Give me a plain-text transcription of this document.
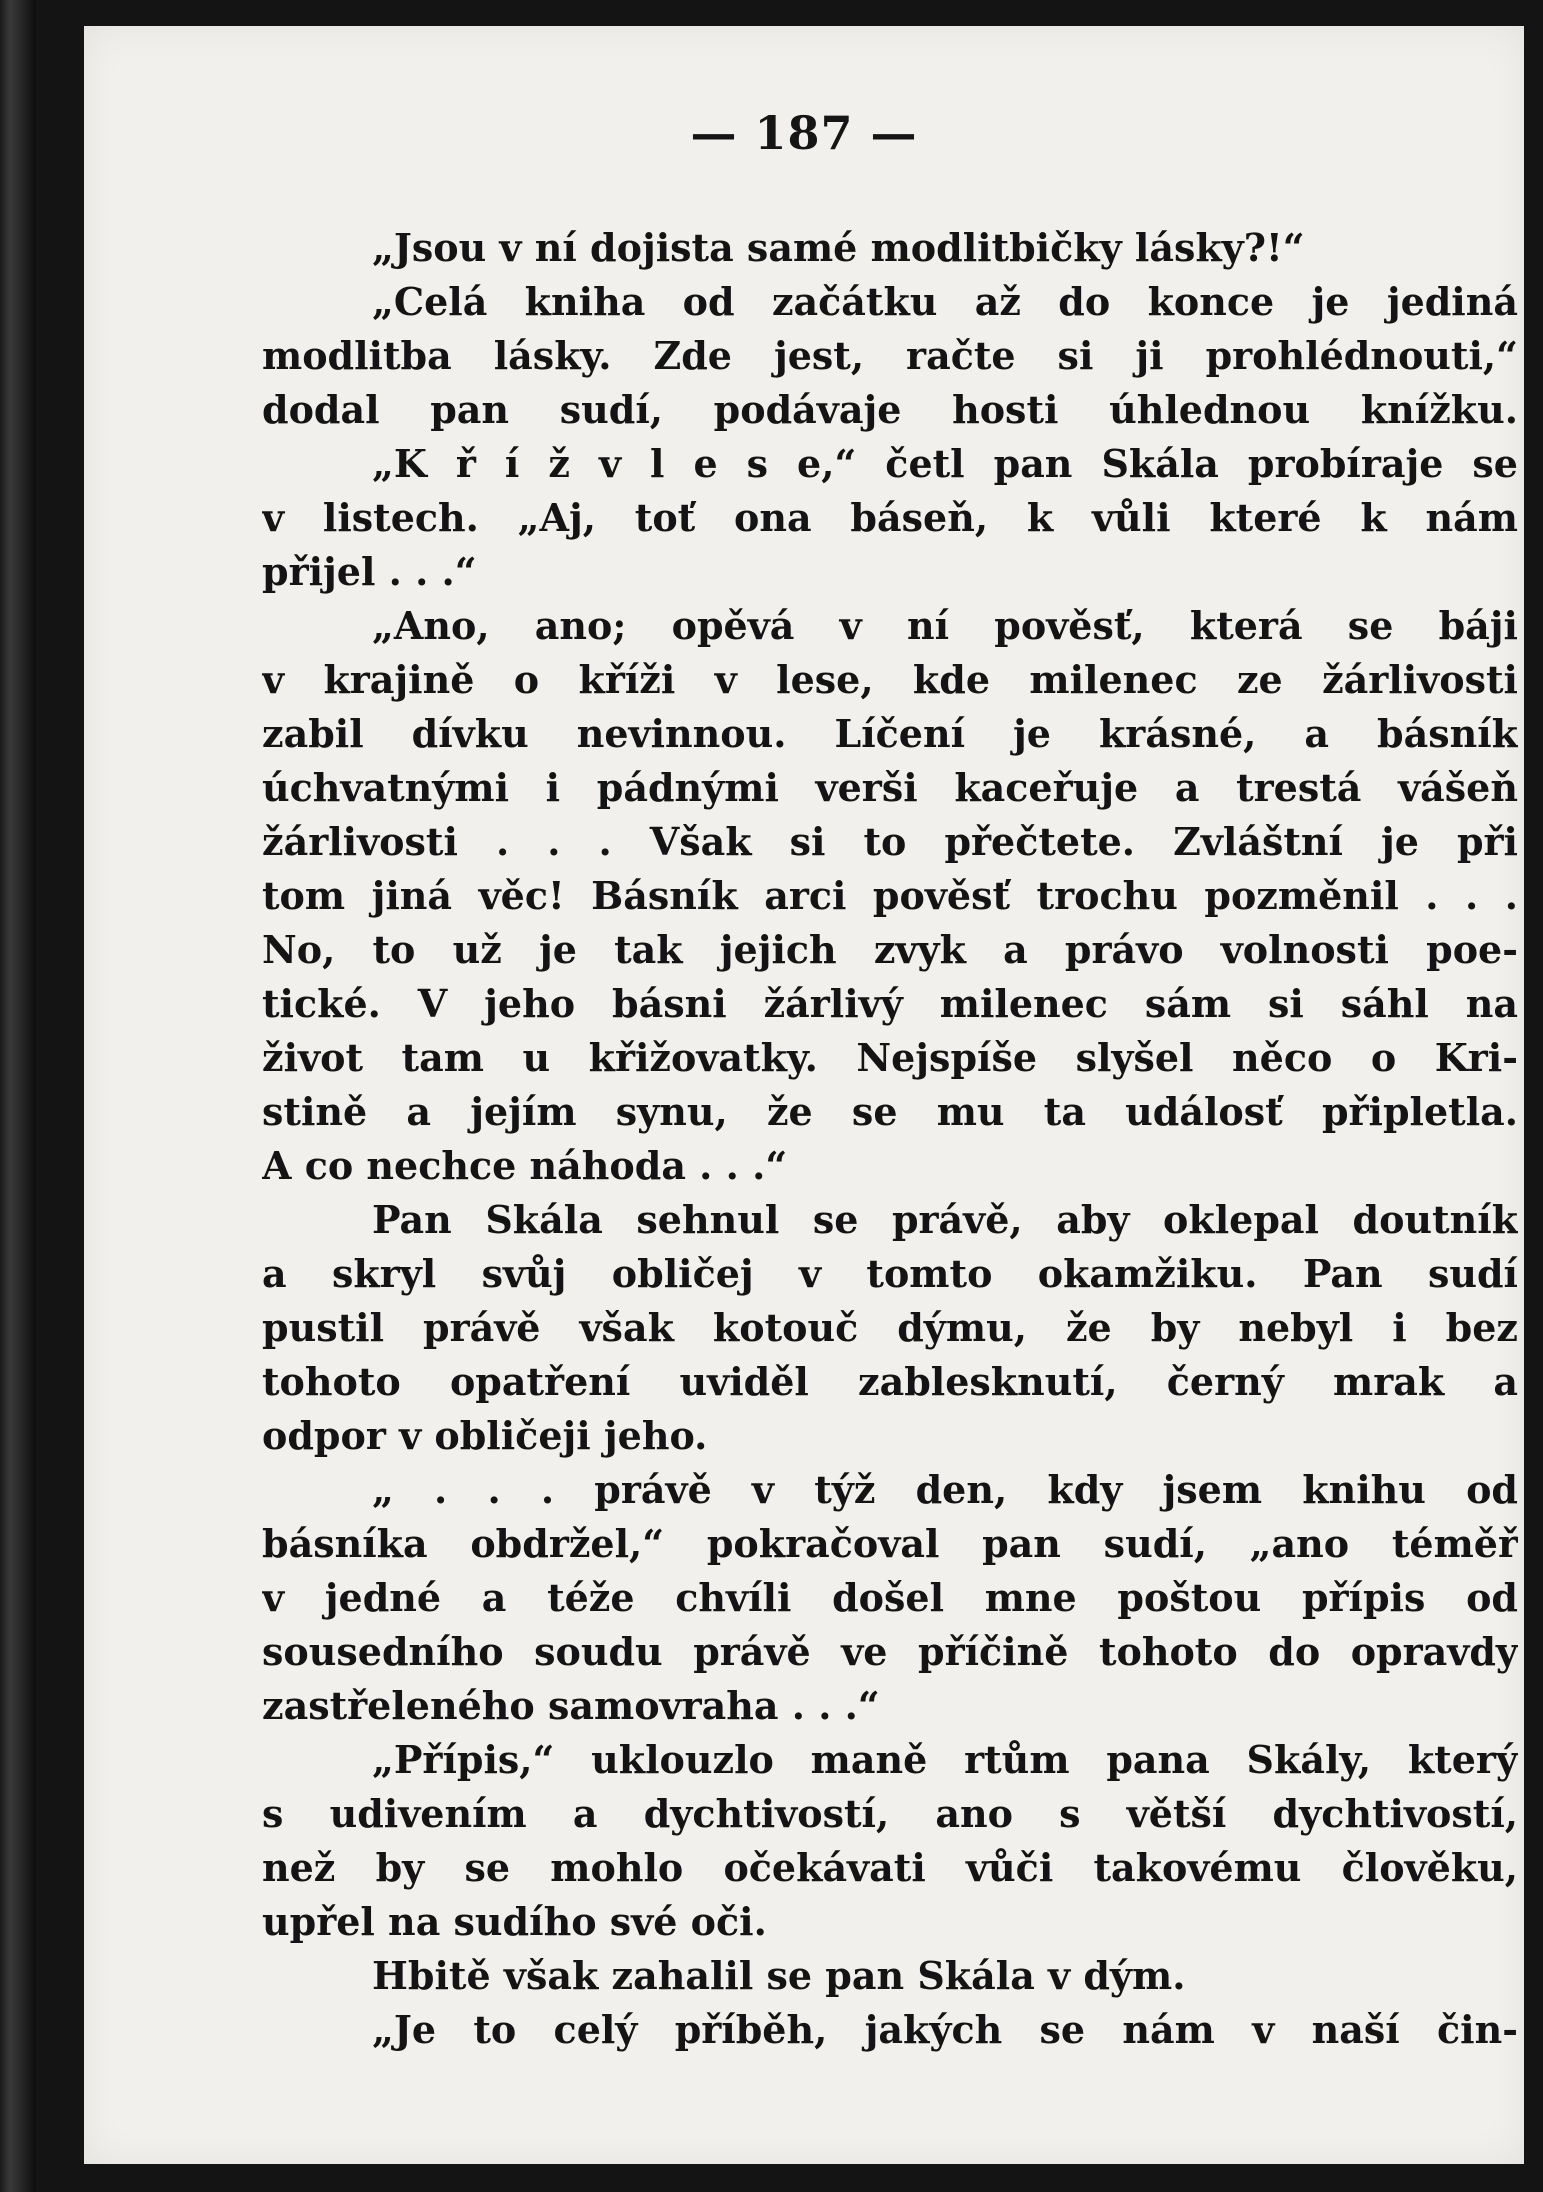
— 187 —
„Jsou v ní dojista samé modlitbičky lásky?!“
„Celá kniha od začátku až do konce je jediná
modlitba lásky. Zde jest, račte si ji prohlédnouti,“
dodal pan sudí, podávaje hosti úhlednou knížku.
„K ř í ž v l e s e,“ četl pan Skála probíraje se
v listech. „Aj, toť ona báseň, k vůli které k nám
přijel . . .“
„Ano, ano; opěvá v ní pověsť, která se báji
v krajině o kříži v lese, kde milenec ze žárlivosti
zabil dívku nevinnou. Líčení je krásné, a básník
úchvatnými i pádnými verši kaceřuje a trestá vášeň
žárlivosti . . . Však si to přečtete. Zvláštní je při
tom jiná věc! Básník arci pověsť trochu pozměnil . . .
No, to už je tak jejich zvyk a právo volnosti poe-
tické. V jeho básni žárlivý milenec sám si sáhl na
život tam u křižovatky. Nejspíše slyšel něco o Kri-
stině a jejím synu, že se mu ta událosť připletla.
A co nechce náhoda . . .“
Pan Skála sehnul se právě, aby oklepal doutník
a skryl svůj obličej v tomto okamžiku. Pan sudí
pustil právě však kotouč dýmu, že by nebyl i bez
tohoto opatření uviděl zablesknutí, černý mrak a
odpor v obličeji jeho.
„ . . . právě v týž den, kdy jsem knihu od
básníka obdržel,“ pokračoval pan sudí, „ano téměř
v jedné a téže chvíli došel mne poštou přípis od
sousedního soudu právě ve příčině tohoto do opravdy
zastřeleného samovraha . . .“
„Přípis,“ uklouzlo maně rtům pana Skály, který
s udivením a dychtivostí, ano s větší dychtivostí,
než by se mohlo očekávati vůči takovému člověku,
upřel na sudího své oči.
Hbitě však zahalil se pan Skála v dým.
„Je to celý příběh, jakých se nám v naší čin-
